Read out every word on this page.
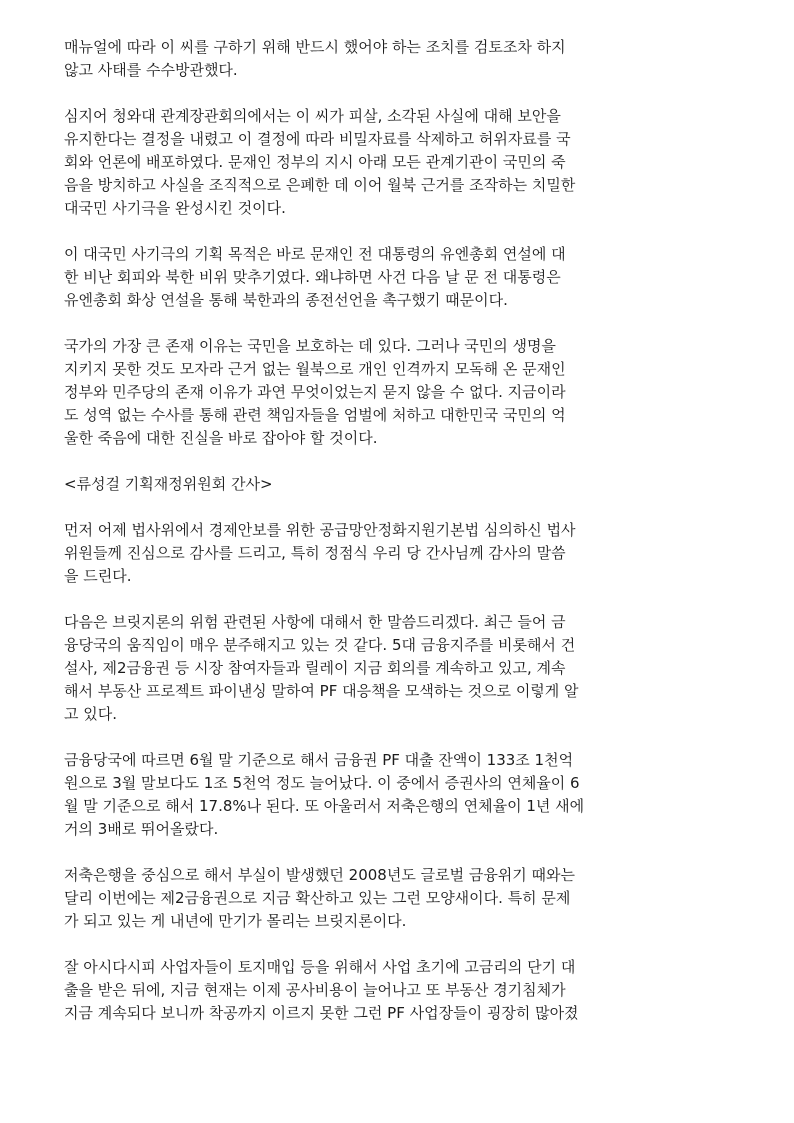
매뉴얼에 따라 이 씨를 구하기 위해 반드시 했어야 하는 조치를 검토조차 하지
않고 사태를 수수방관했다.

심지어 청와대 관계장관회의에서는 이 씨가 피살, 소각된 사실에 대해 보안을
유지한다는 결정을 내렸고 이 결정에 따라 비밀자료를 삭제하고 허위자료를 국
회와 언론에 배포하였다. 문재인 정부의 지시 아래 모든 관계기관이 국민의 죽
음을 방치하고 사실을 조직적으로 은폐한 데 이어 월북 근거를 조작하는 치밀한
대국민 사기극을 완성시킨 것이다.

이 대국민 사기극의 기획 목적은 바로 문재인 전 대통령의 유엔총회 연설에 대
한 비난 회피와 북한 비위 맞추기였다. 왜냐하면 사건 다음 날 문 전 대통령은
유엔총회 화상 연설을 통해 북한과의 종전선언을 촉구했기 때문이다.

국가의 가장 큰 존재 이유는 국민을 보호하는 데 있다. 그러나 국민의 생명을
지키지 못한 것도 모자라 근거 없는 월북으로 개인 인격까지 모독해 온 문재인
정부와 민주당의 존재 이유가 과연 무엇이었는지 묻지 않을 수 없다. 지금이라
도 성역 없는 수사를 통해 관련 책임자들을 엄벌에 처하고 대한민국 국민의 억
울한 죽음에 대한 진실을 바로 잡아야 할 것이다.

<류성걸 기획재정위원회 간사>

먼저 어제 법사위에서 경제안보를 위한 공급망안정화지원기본법 심의하신 법사
위원들께 진심으로 감사를 드리고, 특히 정점식 우리 당 간사님께 감사의 말씀
을 드린다.

다음은 브릿지론의 위험 관련된 사항에 대해서 한 말씀드리겠다. 최근 들어 금
융당국의 움직임이 매우 분주해지고 있는 것 같다. 5대 금융지주를 비롯해서 건
설사, 제2금융권 등 시장 참여자들과 릴레이 지금 회의를 계속하고 있고, 계속
해서 부동산 프로젝트 파이낸싱 말하여 PF 대응책을 모색하는 것으로 이렇게 알
고 있다.

금융당국에 따르면 6월 말 기준으로 해서 금융권 PF 대출 잔액이 133조 1천억
원으로 3월 말보다도 1조 5천억 정도 늘어났다. 이 중에서 증권사의 연체율이 6
월 말 기준으로 해서 17.8%나 된다. 또 아울러서 저축은행의 연체율이 1년 새에
거의 3배로 뛰어올랐다.

저축은행을 중심으로 해서 부실이 발생했던 2008년도 글로벌 금융위기 때와는
달리 이번에는 제2금융권으로 지금 확산하고 있는 그런 모양새이다. 특히 문제
가 되고 있는 게 내년에 만기가 몰리는 브릿지론이다.

잘 아시다시피 사업자들이 토지매입 등을 위해서 사업 초기에 고금리의 단기 대
출을 받은 뒤에, 지금 현재는 이제 공사비용이 늘어나고 또 부동산 경기침체가
지금 계속되다 보니까 착공까지 이르지 못한 그런 PF 사업장들이 굉장히 많아졌
